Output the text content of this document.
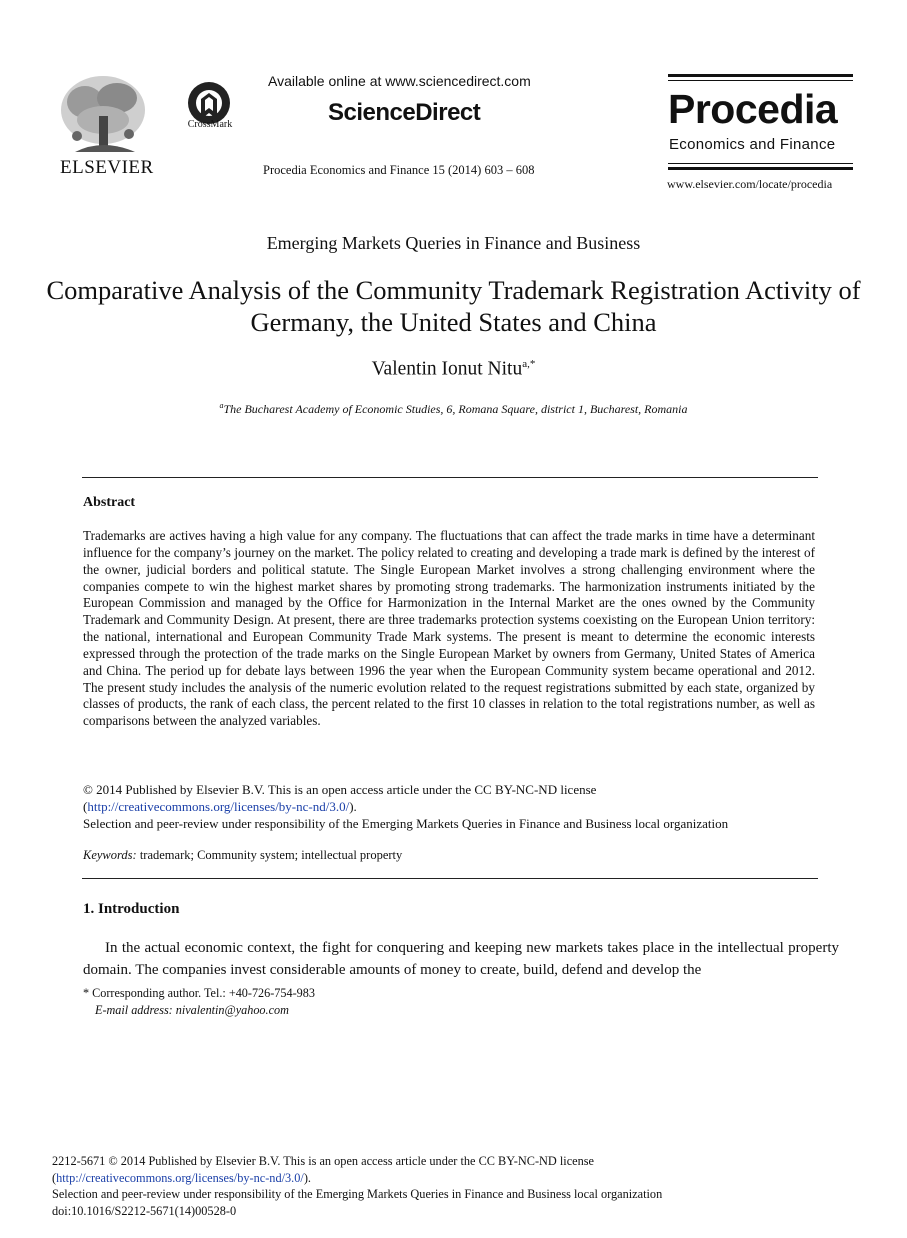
ELSEVIER
CrossMark
Available online at www.sciencedirect.com
ScienceDirect
Procedia Economics and Finance 15 (2014) 603 – 608
Procedia
Economics and Finance
www.elsevier.com/locate/procedia
Emerging Markets Queries in Finance and Business
Comparative Analysis of the Community Trademark Registration Activity of Germany, the United States and China
Valentin Ionut Nitu$^{a,*}$
$^a$The Bucharest Academy of Economic Studies, 6, Romana Square, district 1, Bucharest, Romania
Abstract
Trademarks are actives having a high value for any company. The fluctuations that can affect the trade marks in time have a determinant influence for the company’s journey on the market. The policy related to creating and developing a trade mark is defined by the interest of the owner, judicial borders and political statute. The Single European Market involves a strong challenging environment where the companies compete to win the highest market shares by promoting strong trademarks. The harmonization instruments initiated by the European Commission and managed by the Office for Harmonization in the Internal Market are the ones owned by the Community Trademark and Community Design. At present, there are three trademarks protection systems coexisting on the European Union territory: the national, international and European Community Trade Mark systems. The present is meant to determine the economic interests expressed through the protection of the trade marks on the Single European Market by owners from Germany, United States of America and China. The period up for debate lays between 1996 the year when the European Community system became operational and 2012. The present study includes the analysis of the numeric evolution related to the request registrations submitted by each state, organized by classes of products, the rank of each class, the percent related to the first 10 classes in relation to the total registrations number, as well as comparisons between the analyzed variables.
© 2014 Published by Elsevier B.V. This is an open access article under the CC BY-NC-ND license
(http://creativecommons.org/licenses/by-nc-nd/3.0/).
Selection and peer-review under responsibility of the Emerging Markets Queries in Finance and Business local organization
Keywords: trademark; Community system; intellectual property
1. Introduction
In the actual economic context, the fight for conquering and keeping new markets takes place in the intellectual property domain. The companies invest considerable amounts of money to create, build, defend and develop the
* Corresponding author. Tel.: +40-726-754-983
E-mail address: nivalentin@yahoo.com
2212-5671 © 2014 Published by Elsevier B.V. This is an open access article under the CC BY-NC-ND license
(http://creativecommons.org/licenses/by-nc-nd/3.0/).
Selection and peer-review under responsibility of the Emerging Markets Queries in Finance and Business local organization
doi:10.1016/S2212-5671(14)00528-0
